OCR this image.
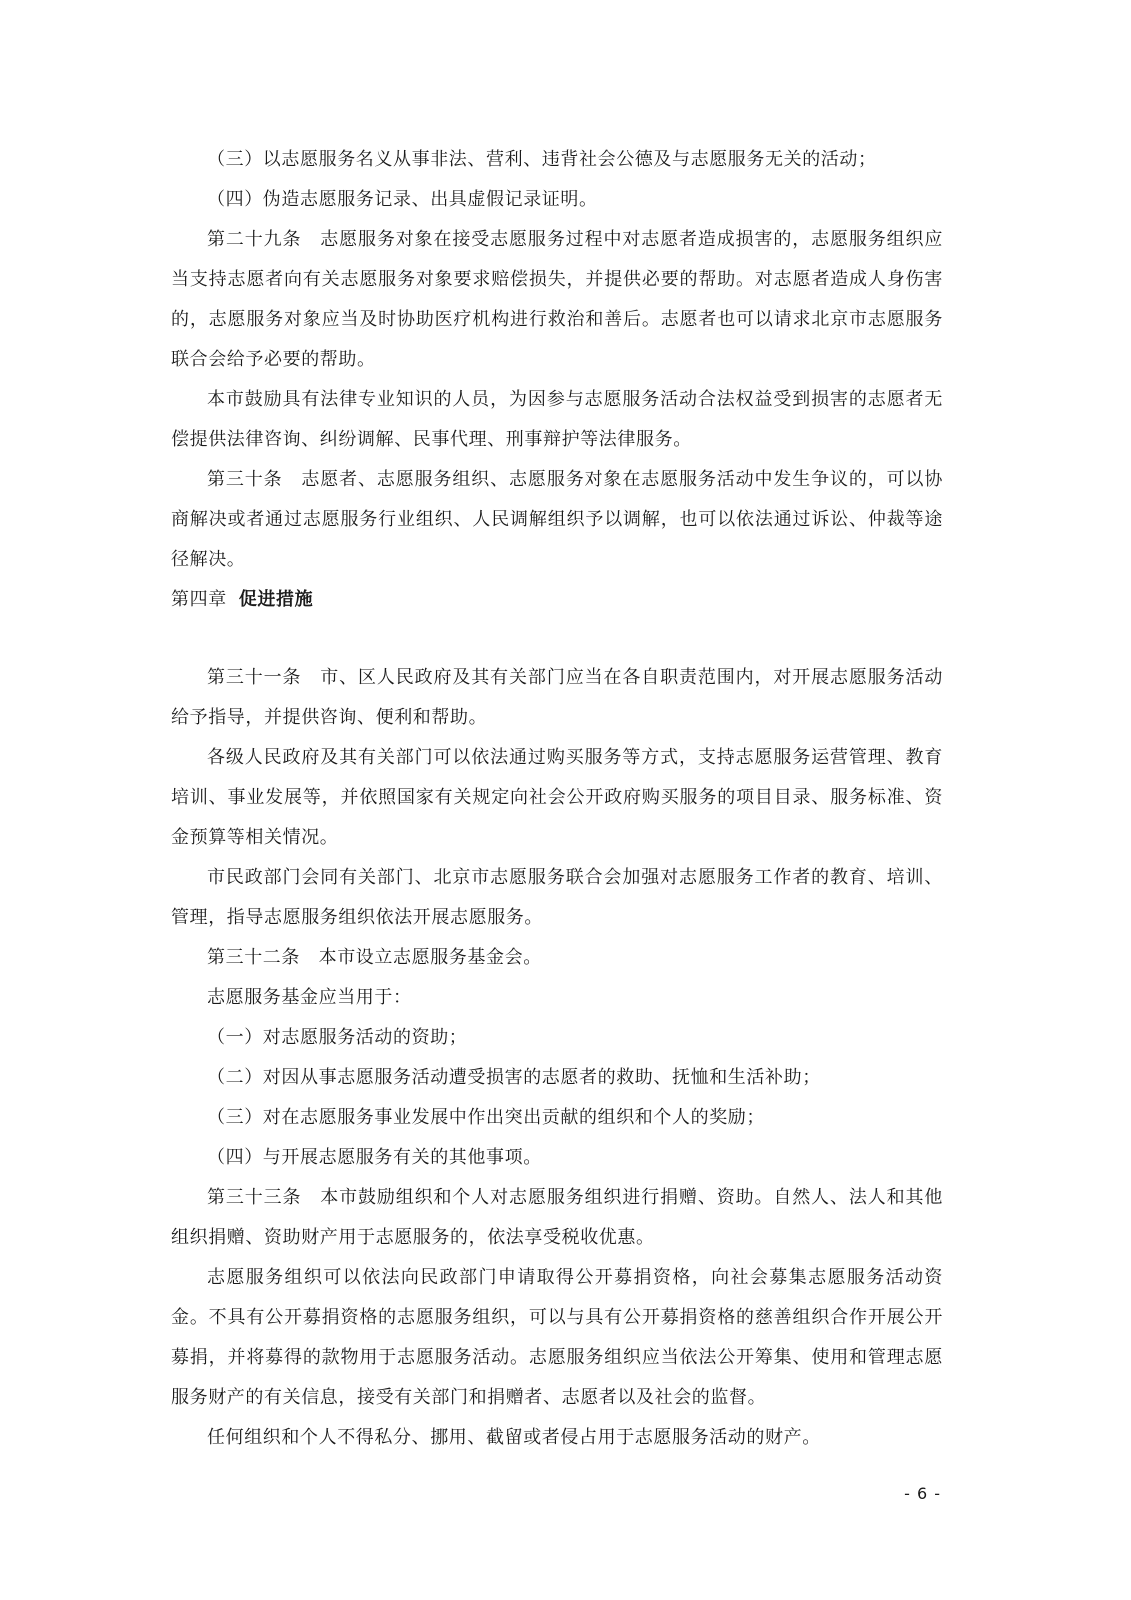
（三）以志愿服务名义从事非法、营利、违背社会公德及与志愿服务无关的活动；

（四）伪造志愿服务记录、出具虚假记录证明。

第二十九条　志愿服务对象在接受志愿服务过程中对志愿者造成损害的，志愿服务组织应当支持志愿者向有关志愿服务对象要求赔偿损失，并提供必要的帮助。对志愿者造成人身伤害的，志愿服务对象应当及时协助医疗机构进行救治和善后。志愿者也可以请求北京市志愿服务联合会给予必要的帮助。

本市鼓励具有法律专业知识的人员，为因参与志愿服务活动合法权益受到损害的志愿者无偿提供法律咨询、纠纷调解、民事代理、刑事辩护等法律服务。

第三十条　志愿者、志愿服务组织、志愿服务对象在志愿服务活动中发生争议的，可以协商解决或者通过志愿服务行业组织、人民调解组织予以调解，也可以依法通过诉讼、仲裁等途径解决。

第四章 促进措施

第三十一条　市、区人民政府及其有关部门应当在各自职责范围内，对开展志愿服务活动给予指导，并提供咨询、便利和帮助。

各级人民政府及其有关部门可以依法通过购买服务等方式，支持志愿服务运营管理、教育培训、事业发展等，并依照国家有关规定向社会公开政府购买服务的项目目录、服务标准、资金预算等相关情况。

市民政部门会同有关部门、北京市志愿服务联合会加强对志愿服务工作者的教育、培训、管理，指导志愿服务组织依法开展志愿服务。

第三十二条　本市设立志愿服务基金会。

志愿服务基金应当用于：

（一）对志愿服务活动的资助；

（二）对因从事志愿服务活动遭受损害的志愿者的救助、抚恤和生活补助；

（三）对在志愿服务事业发展中作出突出贡献的组织和个人的奖励；

（四）与开展志愿服务有关的其他事项。

第三十三条　本市鼓励组织和个人对志愿服务组织进行捐赠、资助。自然人、法人和其他组织捐赠、资助财产用于志愿服务的，依法享受税收优惠。

志愿服务组织可以依法向民政部门申请取得公开募捐资格，向社会募集志愿服务活动资金。不具有公开募捐资格的志愿服务组织，可以与具有公开募捐资格的慈善组织合作开展公开募捐，并将募得的款物用于志愿服务活动。志愿服务组织应当依法公开筹集、使用和管理志愿服务财产的有关信息，接受有关部门和捐赠者、志愿者以及社会的监督。

任何组织和个人不得私分、挪用、截留或者侵占用于志愿服务活动的财产。

- 6 -
